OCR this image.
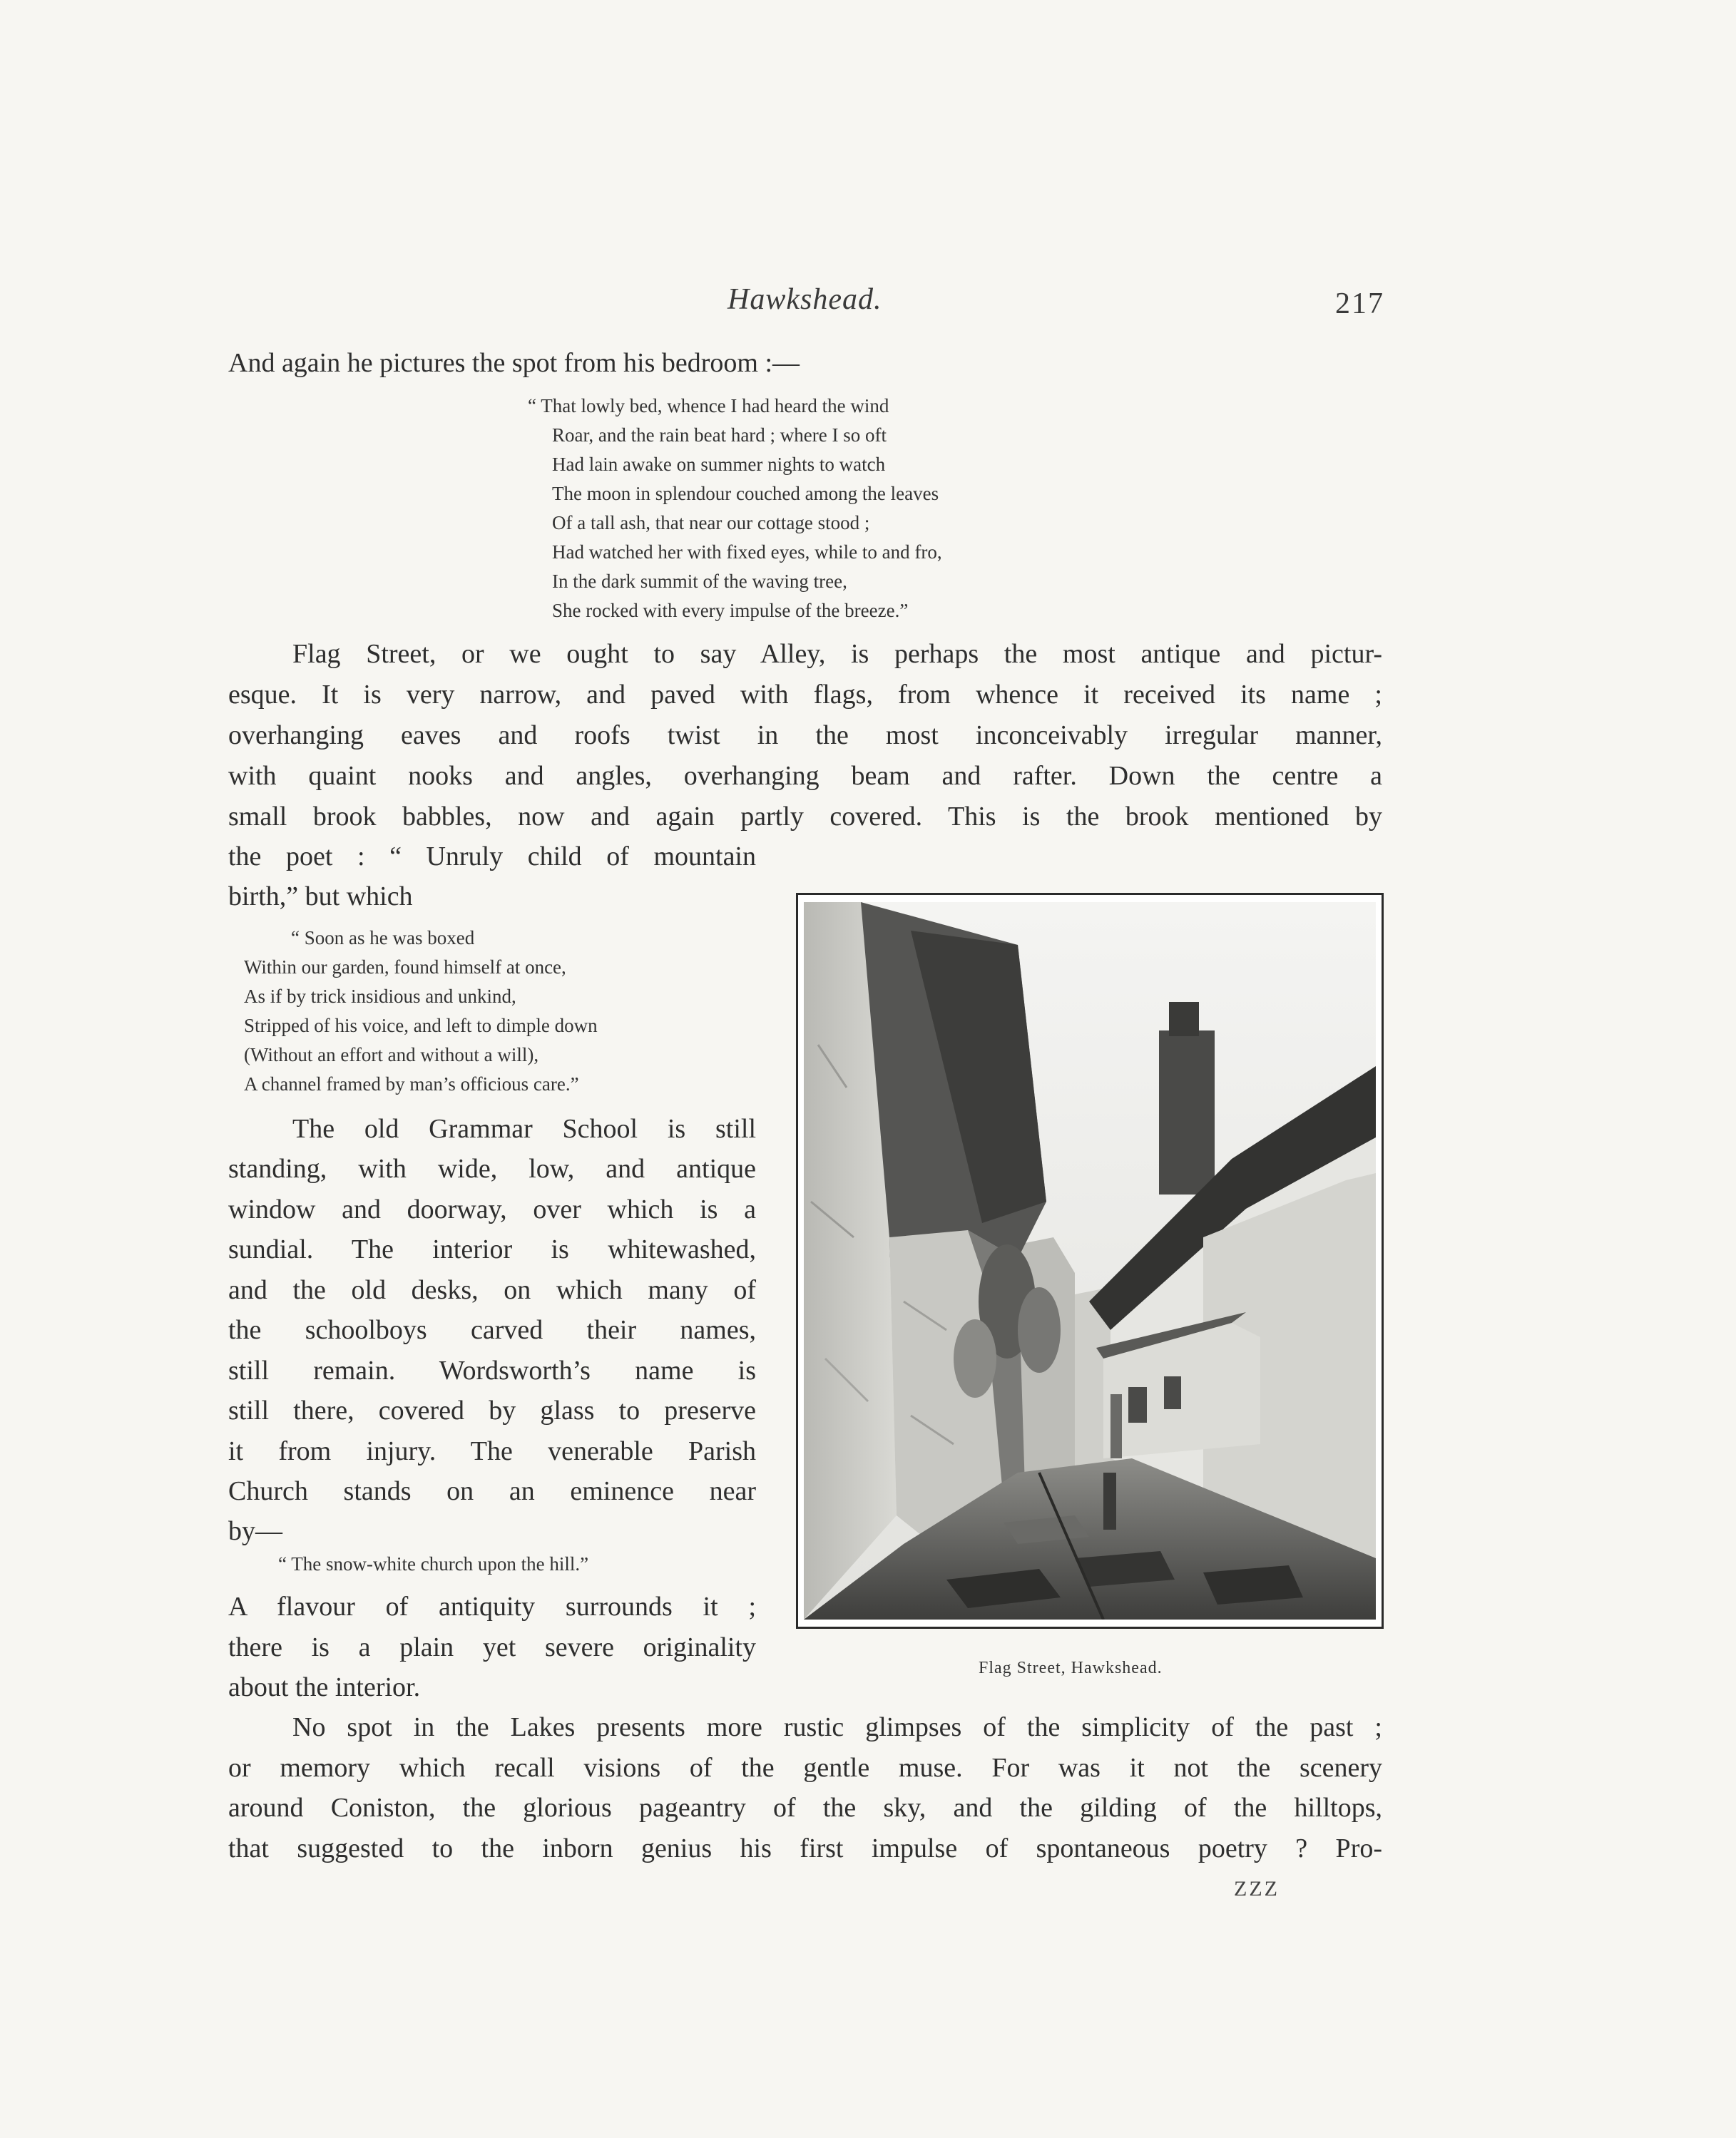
Hawkshead.	217
And again he pictures the spot from his bedroom :—
“ That lowly bed, whence I had heard the wind
Roar, and the rain beat hard ; where I so oft
Had lain awake on summer nights to watch
The moon in splendour couched among the leaves
Of a tall ash, that near our cottage stood ;
Had watched her with fixed eyes, while to and fro,
In the dark summit of the waving tree,
She rocked with every impulse of the breeze.”
Flag Street, or we ought to say Alley, is perhaps the most antique and pictur-
esque. It is very narrow, and paved with flags, from whence it received its name ;
overhanging eaves and roofs twist in the most inconceivably irregular manner,
with quaint nooks and angles, overhanging beam and rafter. Down the centre a
small brook babbles, now and again partly covered. This is the brook mentioned by
the poet : “ Unruly child of mountain
birth,” but which
“ Soon as he was boxed
Within our garden, found himself at once,
As if by trick insidious and unkind,
Stripped of his voice, and left to dimple down
(Without an effort and without a will),
A channel framed by man’s officious care.”
The old Grammar School is still
standing, with wide, low, and antique
window and doorway, over which is a
sundial. The interior is whitewashed,
and the old desks, on which many of
the schoolboys carved their names,
still remain. Wordsworth’s name is
still there, covered by glass to preserve
it from injury. The venerable Parish
Church stands on an eminence near
by—
“ The snow-white church upon the hill.”
A flavour of antiquity surrounds it ;
there is a plain yet severe originality
about the interior.
No spot in the Lakes presents more rustic glimpses of the simplicity of the past ;
or memory which recall visions of the gentle muse. For was it not the scenery
around Coniston, the glorious pageantry of the sky, and the gilding of the hilltops,
that suggested to the inborn genius his first impulse of spontaneous poetry ? Pro-
ZZZ
Flag Street, Hawkshead.
